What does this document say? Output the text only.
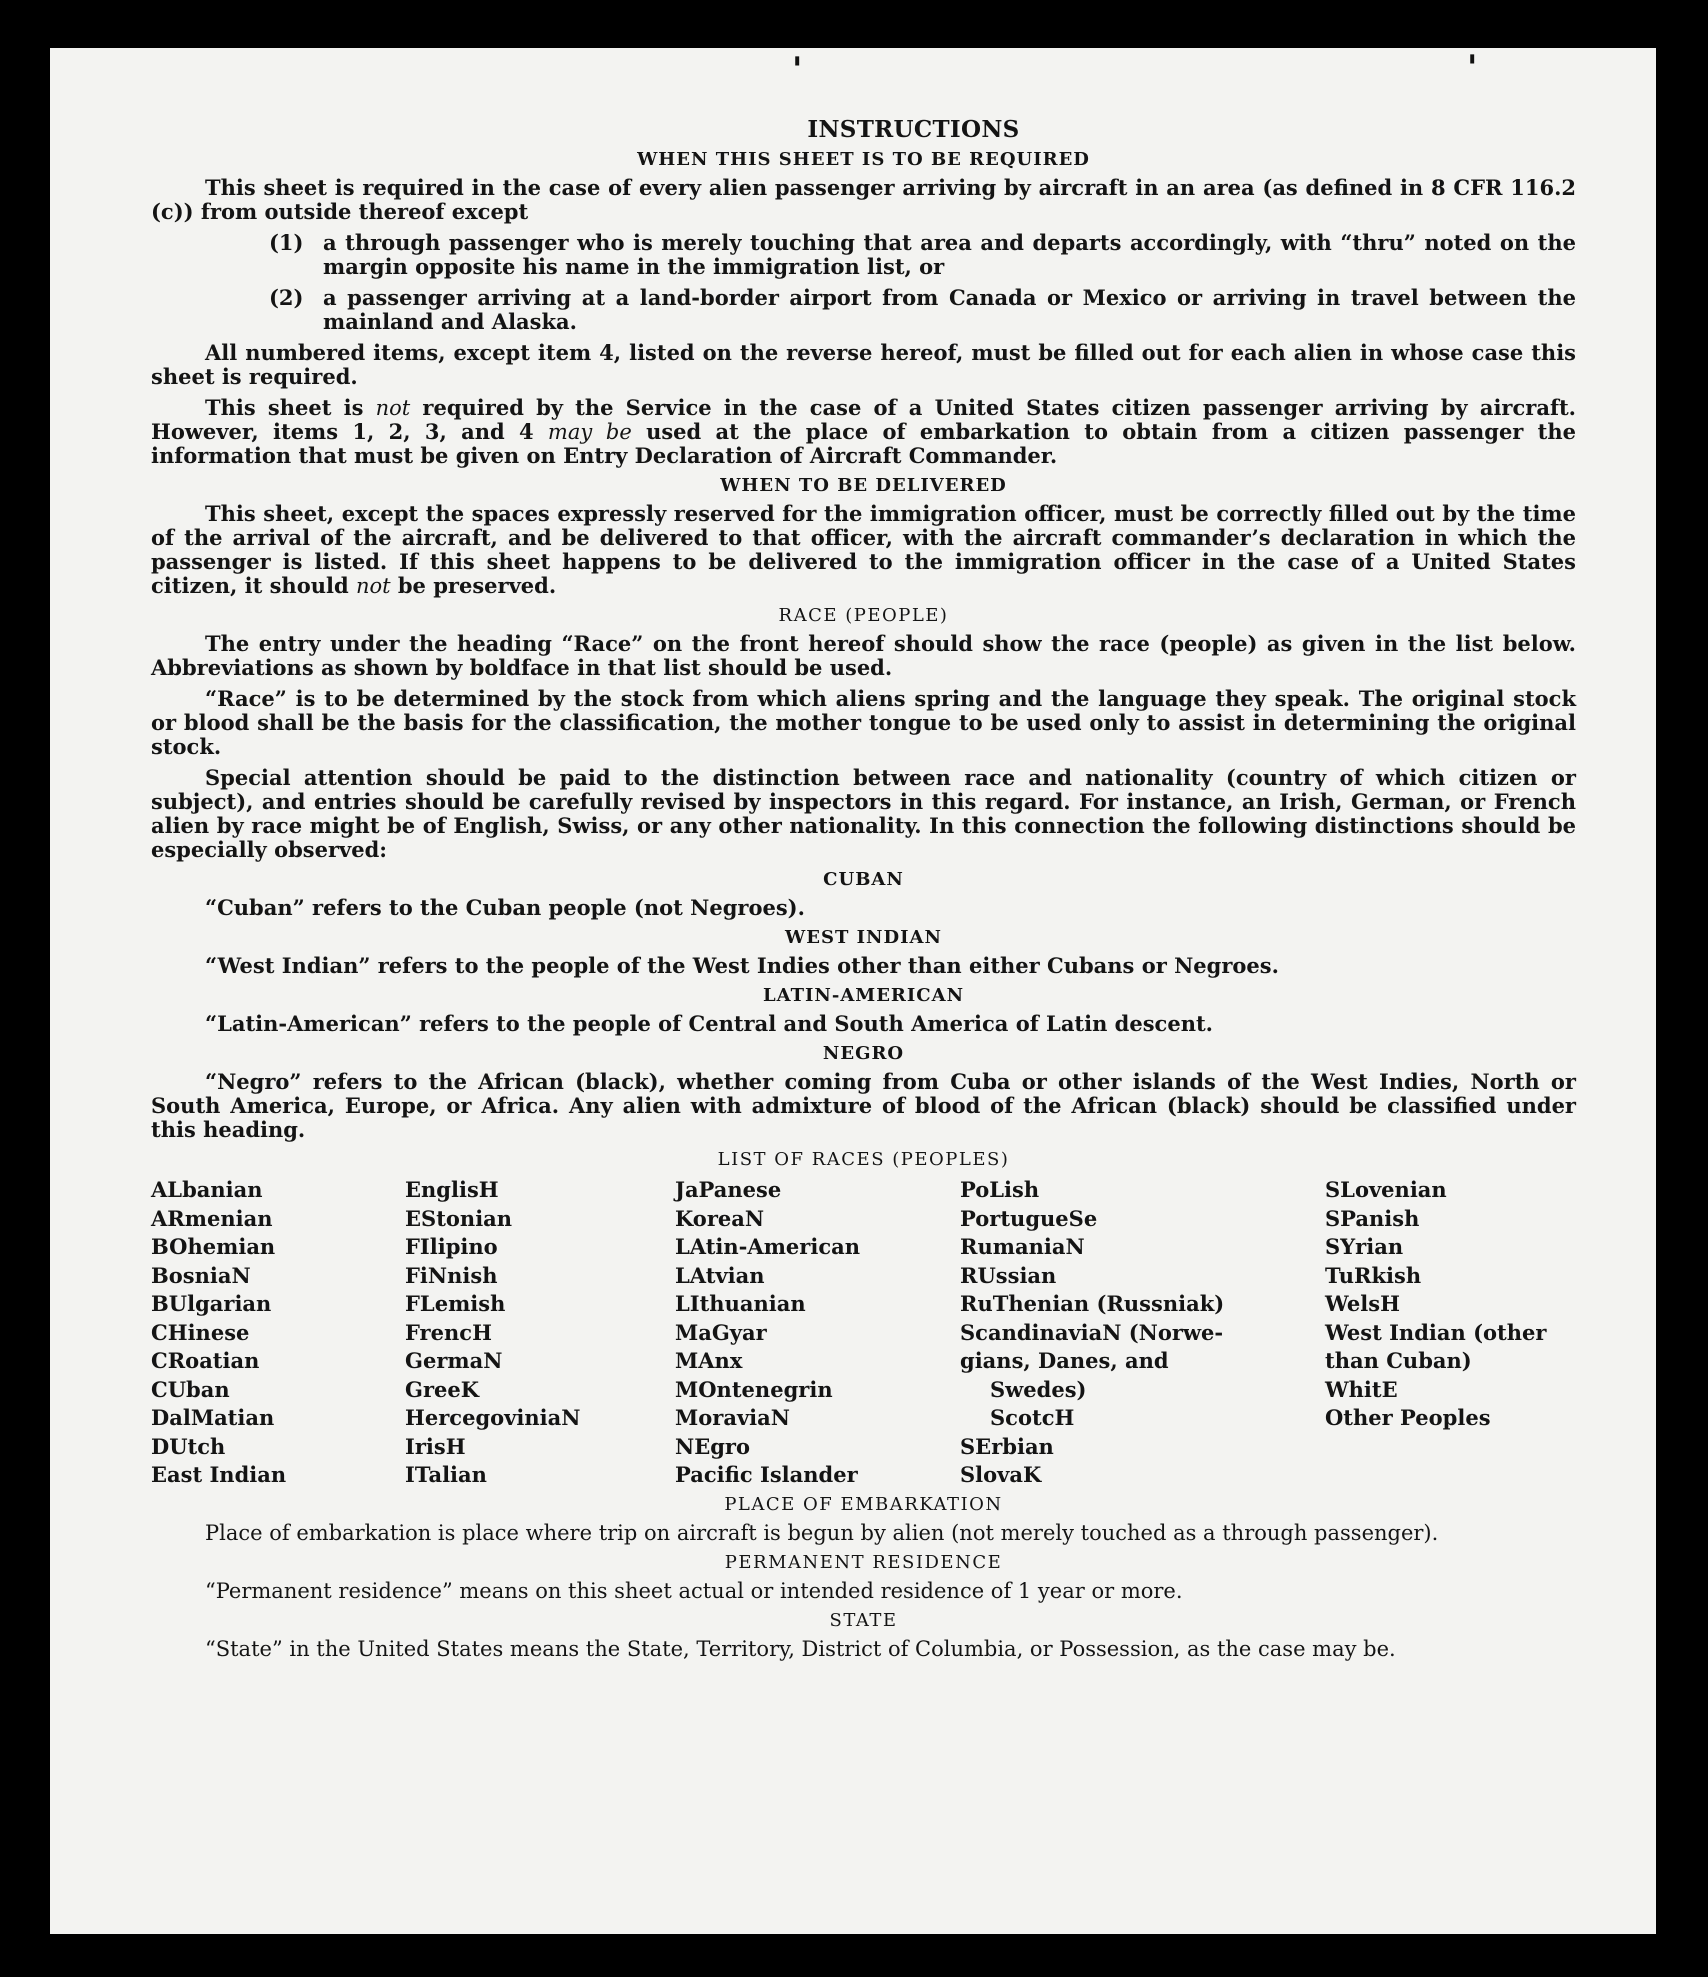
'	'
INSTRUCTIONS
WHEN THIS SHEET IS TO BE REQUIRED

This sheet is required in the case of every alien passenger arriving by aircraft in an area (as defined in 8 CFR 116.2 (c)) from outside thereof except

(1) a through passenger who is merely touching that area and departs accordingly, with “thru” noted on the margin opposite his name in the immigration list, or
(2) a passenger arriving at a land-border airport from Canada or Mexico or arriving in travel between the mainland and Alaska.

All numbered items, except item 4, listed on the reverse hereof, must be filled out for each alien in whose case this sheet is required.

This sheet is not required by the Service in the case of a United States citizen passenger arriving by aircraft. However, items 1, 2, 3, and 4 may be used at the place of embarkation to obtain from a citizen passenger the information that must be given on Entry Declaration of Aircraft Commander.

WHEN TO BE DELIVERED

This sheet, except the spaces expressly reserved for the immigration officer, must be correctly filled out by the time of the arrival of the aircraft, and be delivered to that officer, with the aircraft commander’s declaration in which the passenger is listed. If this sheet happens to be delivered to the immigration officer in the case of a United States citizen, it should not be preserved.

RACE (PEOPLE)

The entry under the heading “Race” on the front hereof should show the race (people) as given in the list below. Abbreviations as shown by boldface in that list should be used.

“Race” is to be determined by the stock from which aliens spring and the language they speak. The original stock or blood shall be the basis for the classification, the mother tongue to be used only to assist in determining the original stock.

Special attention should be paid to the distinction between race and nationality (country of which citizen or subject), and entries should be carefully revised by inspectors in this regard. For instance, an Irish, German, or French alien by race might be of English, Swiss, or any other nationality. In this connection the following distinctions should be especially observed:

CUBAN

“Cuban” refers to the Cuban people (not Negroes).

WEST INDIAN

“West Indian” refers to the people of the West Indies other than either Cubans or Negroes.

LATIN-AMERICAN

“Latin-American” refers to the people of Central and South America of Latin descent.

NEGRO

“Negro” refers to the African (black), whether coming from Cuba or other islands of the West Indies, North or South America, Europe, or Africa. Any alien with admixture of blood of the African (black) should be classified under this heading.

LIST OF RACES (PEOPLES)
ALbanian
ARmenian
BOhemian
BosniaN
BUlgarian
CHinese
CRoatian
CUban
DalMatian
DUtch
East Indian
EnglisH
EStonian
FIlipino
FiNnish
FLemish
FrencH
GermaN
GreeK
HercegoviniaN
IrisH
ITalian
JaPanese
KoreaN
LAtin-American
LAtvian
LIthuanian
MaGyar
MAnx
MOntenegrin
MoraviaN
NEgro
Pacifc Islander
PoLish
PortugueSe
RumaniaN
RUssian
RuThenian (Russniak)
ScandinaviaN (Norwe-
gians, Danes, and
Swedes)
ScotcH
SErbian
SlovaK
SLovenian
SPanish
SYrian
TuRkish
WelsH
West Indian (other
than Cuban)
WhitE
Other Peoples
PLACE OF EMBARKATION

Place of embarkation is place where trip on aircraft is begun by alien (not merely touched as a through passenger).

PERMANENT RESIDENCE

“Permanent residence” means on this sheet actual or intended residence of 1 year or more.

STATE

“State” in the United States means the State, Territory, District of Columbia, or Possession, as the case may be.
